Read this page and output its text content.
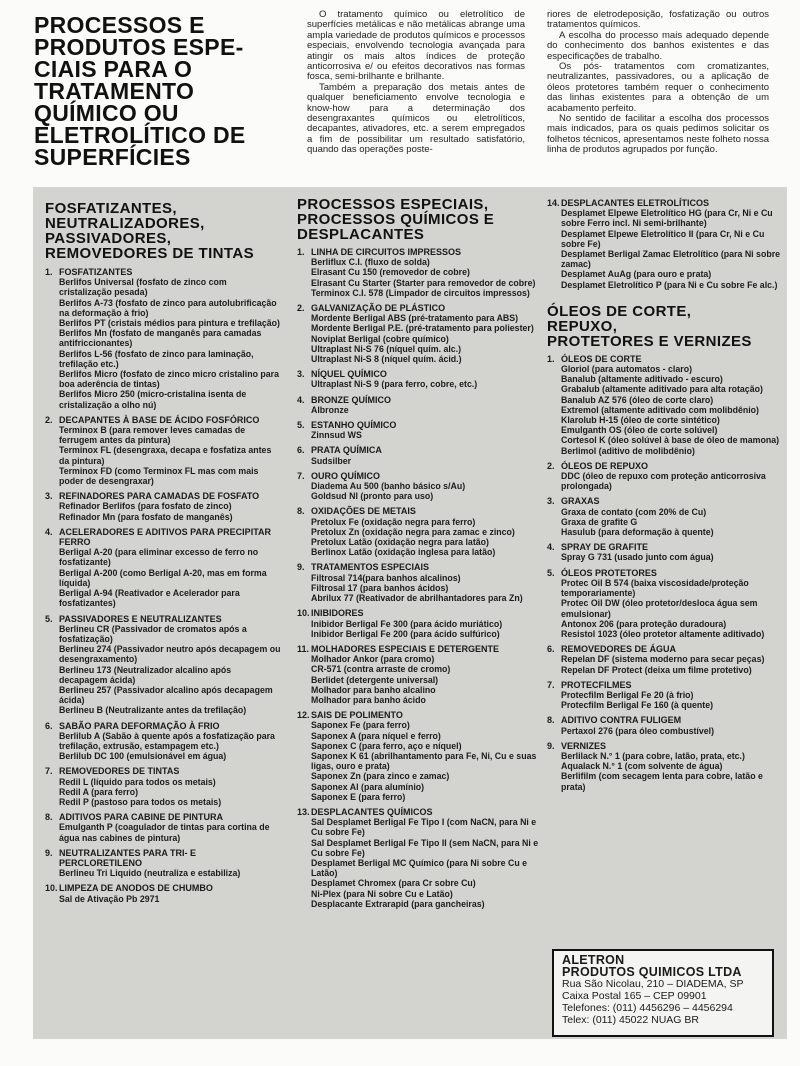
PROCESSOS E
PRODUTOS ESPE-
CIAIS PARA O
TRATAMENTO
QUÍMICO OU
ELETROLÍTICO DE
SUPERFÍCIES

O tratamento químico ou eletrolítico de superfícies metálicas e não metálicas abrange uma ampla variedade de produtos químicos e processos especiais, envolvendo tecnologia avançada para atingir os mais altos índices de proteção anticorrosiva e/ ou efeitos decorativos nas formas fosca, semi-brilhante e brilhante.

Também a preparação dos metais antes de qualquer beneficiamento envolve tecnologia e know-how para a determinação dos desengraxantes químicos ou eletrolíticos, decapantes, ativadores, etc. a serem empregados a fim de possibilitar um resultado satisfatório, quando das operações poste-

riores de eletrodeposição, fosfatização ou outros tratamentos químicos.

A escolha do processo mais adequado depende do conhecimento dos banhos existentes e das especificações de trabalho.

Os pós- tratamentos com cromatizantes, neutralizantes, passivadores, ou a aplicação de óleos protetores também requer o conhecimento das linhas existentes para a obtenção de um acabamento perfeito.

No sentido de facilitar a escolha dos processos mais indicados, para os quais pedimos solicitar os folhetos técnicos, apresentamos neste folheto nossa linha de produtos agrupados por função.

FOSFATIZANTES,
NEUTRALIZADORES,
PASSIVADORES,
REMOVEDORES DE TINTAS
1. FOSFATIZANTES
Berlifos Universal (fosfato de zinco com cristalização pesada)
Berlifos A-73 (fosfato de zinco para autolubrificação na deformação à frio)
Berlifos PT (cristais médios para pintura e trefilação)
Berlifos Mn (fosfato de manganês para camadas antifriccionantes)
Berlifos L-56 (fosfato de zinco para laminação, trefilação etc.)
Berlifos Micro (fosfato de zinco micro cristalino para boa aderência de tintas)
Berlifos Micro 250 (micro-cristalina isenta de cristalização a olho nú)
2. DECAPANTES À BASE DE ÁCIDO FOSFÓRICO
Terminox B (para remover leves camadas de ferrugem antes da pintura)
Terminox FL (desengraxa, decapa e fosfatiza antes da pintura)
Terminox FD (como Terminox FL mas com mais poder de desengraxar)
3. REFINADORES PARA CAMADAS DE FOSFATO
Refinador Berlifos (para fosfato de zinco)
Refinador Mn (para fosfato de manganês)
4. ACELERADORES E ADITIVOS PARA PRECIPITAR FERRO
Berligal A-20 (para eliminar excesso de ferro no fosfatizante)
Berligal A-200 (como Berligal A-20, mas em forma líquida)
Berligal A-94 (Reativador e Acelerador para fosfatizantes)
5. PASSIVADORES E NEUTRALIZANTES
Berlineu CR (Passivador de cromatos após a fosfatização)
Berlineu 274 (Passivador neutro após decapagem ou desengraxamento)
Berlineu 173 (Neutralizador alcalino após decapagem ácida)
Berlineu 257 (Passivador alcalino após decapagem ácida)
Berlineu B (Neutralizante antes da trefilação)
6. SABÃO PARA DEFORMAÇÃO À FRIO
Berlilub A (Sabão à quente após a fosfatização para trefilação, extrusão, estampagem etc.)
Berlilub DC 100 (emulsionável em água)
7. REMOVEDORES DE TINTAS
Redil L (líquido para todos os metais)
Redil A (para ferro)
Redil P (pastoso para todos os metais)
8. ADITIVOS PARA CABINE DE PINTURA
Emulganth P (coagulador de tintas para cortina de água nas cabines de pintura)
9. NEUTRALIZANTES PARA TRI- E PERCLORETILENO
Berlineu Tri Liquido (neutraliza e estabiliza)
10.LIMPEZA DE ANODOS DE CHUMBO
Sal de Ativação Pb 2971
PROCESSOS ESPECIAIS,
PROCESSOS QUÍMICOS E
DESPLACANTES
1. LINHA DE CIRCUITOS IMPRESSOS
Berliflux C.I. (fluxo de solda)
Elrasant Cu 150 (removedor de cobre)
Elrasant Cu Starter (Starter para removedor de cobre)
Terminox C.I. 578 (Limpador de circuitos impressos)
2. GALVANIZAÇÃO DE PLÁSTICO
Mordente Berligal ABS (pré-tratamento para ABS)
Mordente Berligal P.E. (pré-tratamento para poliester)
Noviplat Berligal (cobre químico)
Ultraplast Ni-S 76 (níquel quím. alc.)
Ultraplast Ni-S 8 (níquel quím. ácid.)
3. NÍQUEL QUÍMICO
Ultraplast Ni-S 9 (para ferro, cobre, etc.)
4. BRONZE QUÍMICO
Albronze
5. ESTANHO QUÍMICO
Zinnsud WS
6. PRATA QUÍMICA
Sudsilber
7. OURO QUÍMICO
Diadema Au 500 (banho básico s/Au)
Goldsud NI (pronto para uso)
8. OXIDAÇÕES DE METAIS
Pretolux Fe (oxidação negra para ferro)
Pretolux Zn (oxidação negra para zamac e zinco)
Pretolux Latão (oxidação negra para latão)
Berlinox Latão (oxidação inglesa para latão)
9. TRATAMENTOS ESPECIAIS
Filtrosal 714(para banhos alcalinos)
Filtrosal 17 (para banhos ácidos)
Abrilux 77 (Reativador de abrilhantadores para Zn)
10.INIBIDORES
Inibidor Berligal Fe 300 (para ácido muriático)
Inibidor Berligal Fe 200 (para ácido sulfúrico)
11. MOLHADORES ESPECIAIS E DETERGENTE
Molhador Ankor (para cromo)
CR-571 (contra arraste de cromo)
Berlidet (detergente universal)
Molhador para banho alcalino
Molhador para banho ácido
12.SAIS DE POLIMENTO
Saponex Fe (para ferro)
Saponex A (para níquel e ferro)
Saponex C (para ferro, aço e níquel)
Saponex K 61 (abrilhantamento para Fe, Ni, Cu e suas ligas, ouro e prata)
Saponex Zn (para zinco e zamac)
Saponex Al (para alumínio)
Saponex E (para ferro)
13.DESPLACANTES QUÍMICOS
Sal Desplamet Berligal Fe Tipo I (com NaCN, para Ni e Cu sobre Fe)
Sal Desplamet Berligal Fe Tipo II (sem NaCN, para Ni e Cu sobre Fe)
Desplamet Berligal MC Químico (para Ni sobre Cu e Latão)
Desplamet Chromex (para Cr sobre Cu)
Ni-Plex (para Ni sobre Cu e Latão)
Desplacante Extrarapid (para gancheiras)
14.DESPLACANTES ELETROLÍTICOS
Desplamet Elpewe Eletrolítico HG (para Cr, Ni e Cu sobre Ferro incl. Ni semi-brilhante)
Desplamet Elpewe Eletrolítico II (para Cr, Ni e Cu sobre Fe)
Desplamet Berligal Zamac Eletrolítico (para Ni sobre zamac)
Desplamet AuAg (para ouro e prata)
Desplamet Eletrolítico P (para Ni e Cu sobre Fe alc.)
ÓLEOS DE CORTE,
REPUXO,
PROTETORES E VERNIZES
1. ÓLEOS DE CORTE
Gloriol (para automatos - claro)
Banalub (altamente aditivado - escuro)
Grabalub (altamente aditivado para alta rotação)
Banalub AZ 576 (óleo de corte claro)
Extremol (altamente aditivado com molibdênio)
Klarolub H-15 (óleo de corte sintético)
Emulganth OS (óleo de corte solúvel)
Cortesol K (óleo solúvel à base de óleo de mamona)
Berlimol (aditivo de molibdênio)
2. ÓLEOS DE REPUXO
DDC (óleo de repuxo com proteção anticorrosiva prolongada)
3. GRAXAS
Graxa de contato (com 20% de Cu)
Graxa de grafite G
Hasulub (para deformação à quente)
4. SPRAY DE GRAFITE
Spray G 731 (usado junto com água)
5. ÓLEOS PROTETORES
Protec Oil B 574 (baixa viscosidade/proteção temporariamente)
Protec Oil DW (óleo protetor/desloca água sem emulsionar)
Antonox 206 (para proteção duradoura)
Resistol 1023 (óleo protetor altamente aditivado)
6. REMOVEDORES DE ÁGUA
Repelan DF (sistema moderno para secar peças)
Repelan DF Protect (deixa um filme protetivo)
7. PROTECFILMES
Protecfilm Berligal Fe 20 (à frio)
Protecfilm Berligal Fe 160 (à quente)
8. ADITIVO CONTRA FULIGEM
Pertaxol 276 (para óleo combustível)
9. VERNIZES
Berlilack N.° 1 (para cobre, latão, prata, etc.)
Aqualack N.° 1 (com solvente de água)
Berlifilm (com secagem lenta para cobre, latão e prata)
ALETRON
PRODUTOS QUIMICOS LTDA
Rua São Nicolau, 210 – DIADEMA, SP
Caixa Postal 165 – CEP 09901
Telefones: (011) 4456296 – 4456294
Telex: (011) 45022 NUAG BR
